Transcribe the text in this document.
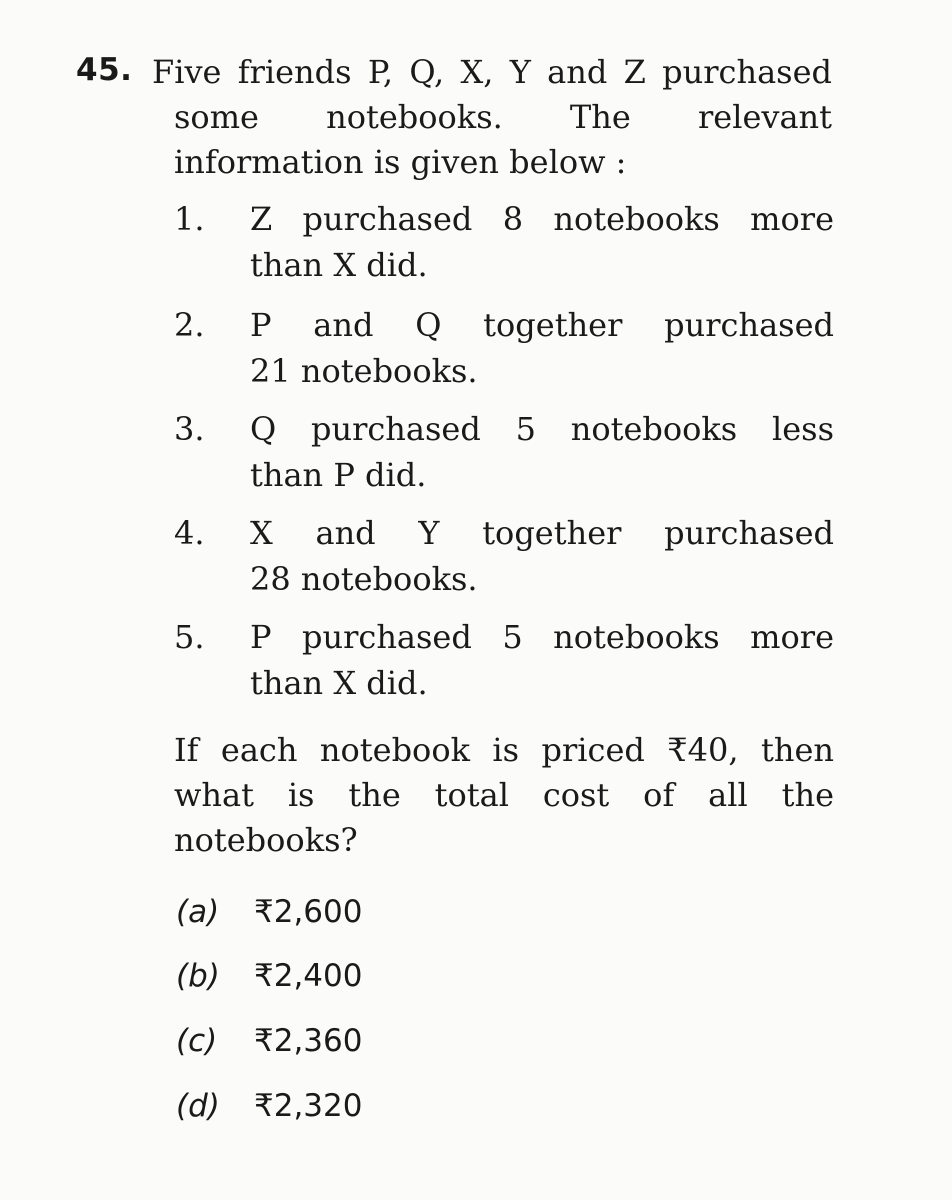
45. Five friends P, Q, X, Y and Z purchased
some notebooks. The relevant
information is given below :
1. Z purchased 8 notebooks more
than X did.
2. P and Q together purchased
21 notebooks.
3. Q purchased 5 notebooks less
than P did.
4. X and Y together purchased
28 notebooks.
5. P purchased 5 notebooks more
than X did.
If each notebook is priced ₹40, then
what is the total cost of all the
notebooks?
(a) ₹2,600
(b) ₹2,400
(c) ₹2,360
(d) ₹2,320
